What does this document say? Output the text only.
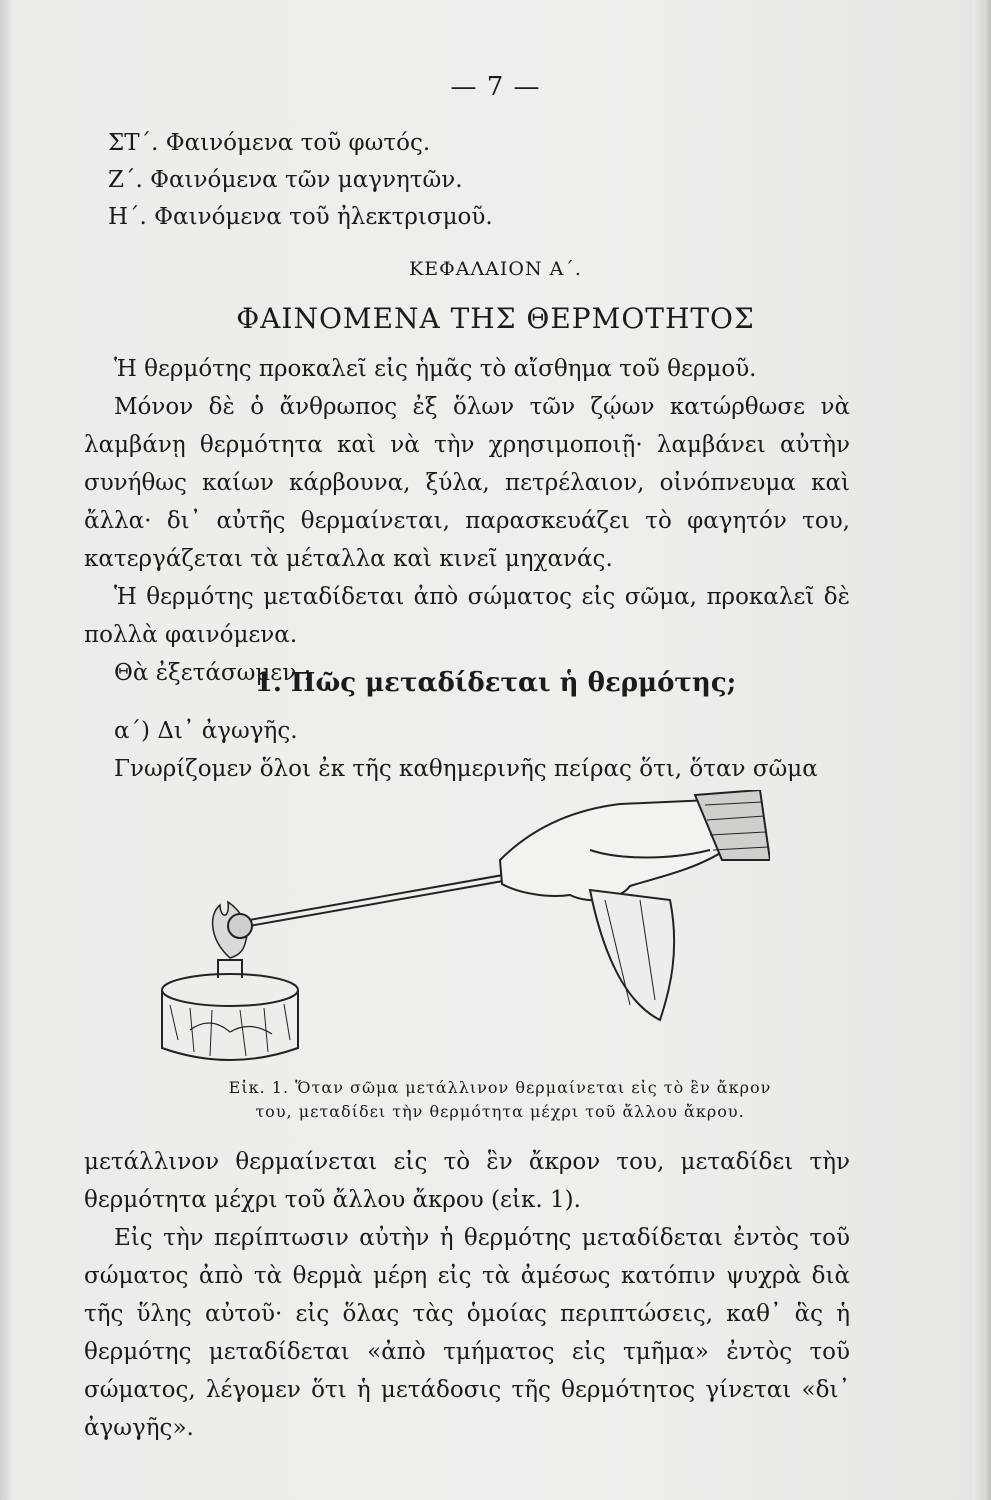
— 7 —
ΣΤ΄. Φαινόμενα τοῦ φωτός.
Ζ΄. Φαινόμενα τῶν μαγνητῶν.
Η΄. Φαινόμενα τοῦ ἠλεκτρισμοῦ.
ΚΕΦΑΛΑΙΟΝ Α΄.
ΦΑΙΝΟΜΕΝΑ ΤΗΣ ΘΕΡΜΟΤΗΤΟΣ
Ἡ θερμότης προκαλεῖ εἰς ἡμᾶς τὸ αἴσθημα τοῦ θερμοῦ.
Μόνον δὲ ὁ ἄνθρωπος ἐξ ὅλων τῶν ζῴων κατώρθωσε νὰ λαμβάνῃ θερμότητα καὶ νὰ τὴν χρησιμοποιῇ· λαμβάνει αὐτὴν συνήθως καίων κάρβουνα, ξύλα, πετρέλαιον, οἰνόπνευμα καὶ ἄλλα· δι᾿ αὐτῆς θερμαίνεται, παρασκευάζει τὸ φαγητόν του, κατεργάζεται τὰ μέταλλα καὶ κινεῖ μηχανάς.
Ἡ θερμότης μεταδίδεται ἀπὸ σώματος εἰς σῶμα, προκαλεῖ δὲ πολλὰ φαινόμενα.
Θὰ ἐξετάσωμεν :
1. Πῶς μεταδίδεται ἡ θερμότης;
α΄) Δι᾿ ἀγωγῆς.
Γνωρίζομεν ὅλοι ἐκ τῆς καθημερινῆς πείρας ὅτι, ὅταν σῶμα
Εἰκ. 1. Ὅταν σῶμα μετάλλινον θερμαίνεται εἰς τὸ ἓν ἄκρον
του, μεταδίδει τὴν θερμότητα μέχρι τοῦ ἄλλου ἄκρου.
μετάλλινον θερμαίνεται εἰς τὸ ἓν ἄκρον του, μεταδίδει τὴν θερμότητα μέχρι τοῦ ἄλλου ἄκρου (εἰκ. 1).
Εἰς τὴν περίπτωσιν αὐτὴν ἡ θερμότης μεταδίδεται ἐντὸς τοῦ σώματος ἀπὸ τὰ θερμὰ μέρη εἰς τὰ ἀμέσως κατόπιν ψυχρὰ διὰ τῆς ὕλης αὐτοῦ· εἰς ὅλας τὰς ὁμοίας περιπτώσεις, καθ᾿ ἃς ἡ θερμότης μεταδίδεται «ἀπὸ τμήματος εἰς τμῆμα» ἐντὸς τοῦ σώματος, λέγομεν ὅτι ἡ μετάδοσις τῆς θερμότητος γίνεται «δι᾿ ἀγωγῆς».
